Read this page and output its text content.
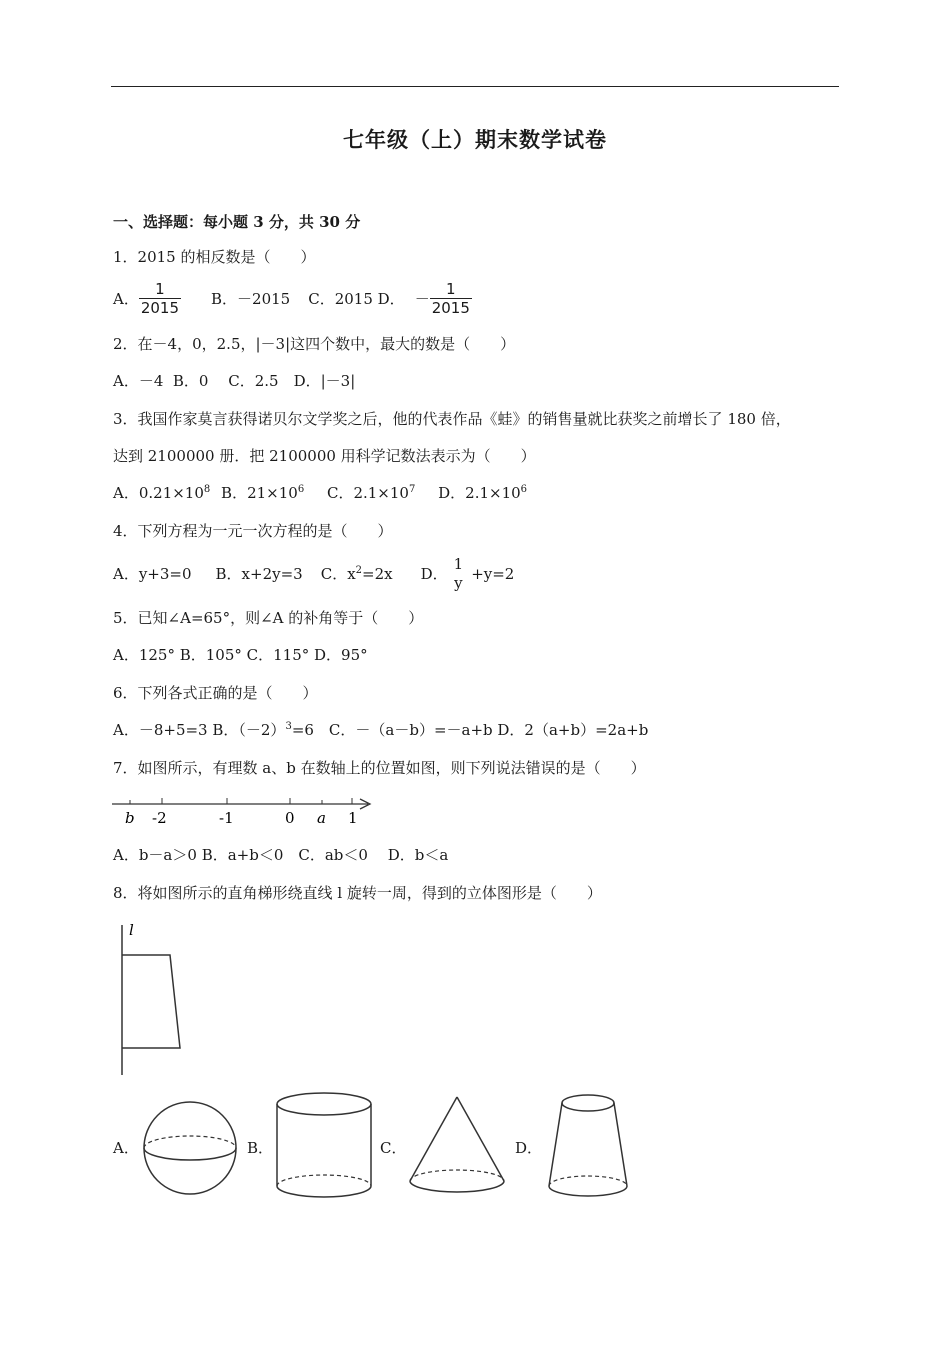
七年级（上）期末数学试卷
一、选择题：每小题 3 分，共 30 分
1．2015 的相反数是（　　）
A． $\frac{1}{2015}$ B．－2015 C．2015 D． － $\frac{1}{2015}$
2．在－4，0，2.5，|－3|这四个数中，最大的数是（　　）
A．－4  B．0　 C．2.5　D．|－3|
3．我国作家莫言获得诺贝尔文学奖之后，他的代表作品《蛙》的销售量就比获奖之前增长了 180 倍，
达到 2100000 册．把 2100000 用科学记数法表示为（　　）
A．$0.21\times 10^8$ B．$21\times 10^6$ C．$2.1\times 10^7$ D．$2.1\times 10^6$
4．下列方程为一元一次方程的是（　　）
A．y+3=0 B．x+2y=3 C．$x^2=2x$ D．
1
y
+y=2
5．已知∠A=65°，则∠A 的补角等于（　　）
A．125° B．105° C．115° D．95°
6．下列各式正确的是（　　）
A．－8+5=3 B．$(-2)^3=6$　C．－（a－b）=－a+b D．2（a+b）=2a+b
7．如图所示，有理数 a、b 在数轴上的位置如图，则下列说法错误的是（　　）
b -2	-1	0 a 1
A．b－a＞0 B．a+b＜0　C．ab＜0　 D．b＜a
8．将如图所示的直角梯形绕直线 l 旋转一周，得到的立体图形是（　　）
l
A．	B．	C．	D．
